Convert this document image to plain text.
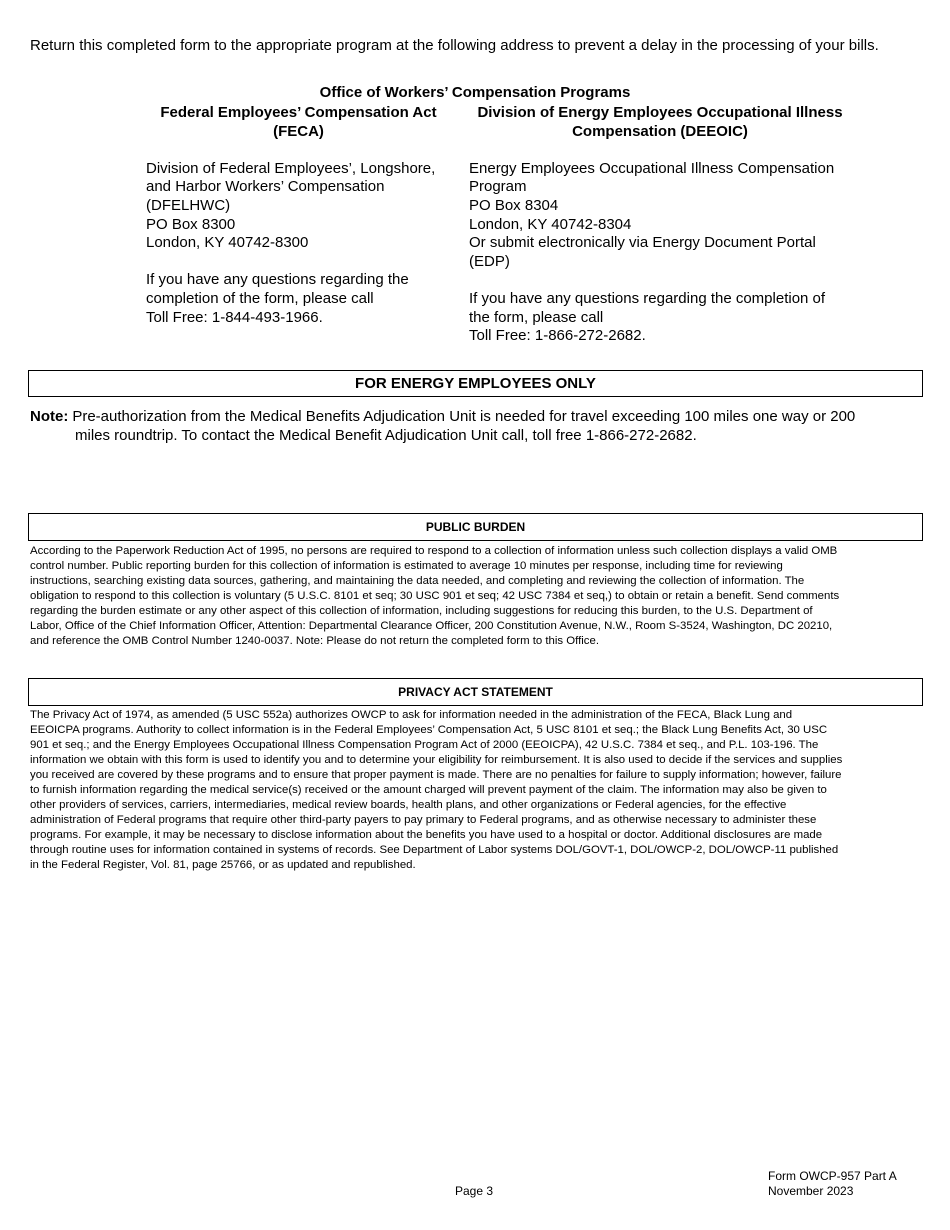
Return this completed form to the appropriate program at the following address to prevent a delay in the processing of your bills.
Office of Workers’ Compensation Programs
Federal Employees’ Compensation Act
(FECA)
Division of Federal Employees’, Longshore,
and Harbor Workers’ Compensation
(DFELHWC)
PO Box 8300
London, KY 40742-8300
If you have any questions regarding the
completion of the form, please call
Toll Free: 1-844-493-1966.
Division of Energy Employees Occupational Illness
Compensation (DEEOIC)
Energy Employees Occupational Illness Compensation
Program
PO Box 8304
London, KY 40742-8304
Or submit electronically via Energy Document Portal
(EDP)
If you have any questions regarding the completion of
the form, please call
Toll Free: 1-866-272-2682.
FOR ENERGY EMPLOYEES ONLY
Note: Pre-authorization from the Medical Benefits Adjudication Unit is needed for travel exceeding 100 miles one way or 200
miles roundtrip. To contact the Medical Benefit Adjudication Unit call, toll free 1-866-272-2682.
PUBLIC BURDEN
According to the Paperwork Reduction Act of 1995, no persons are required to respond to a collection of information unless such collection displays a valid OMB
control number. Public reporting burden for this collection of information is estimated to average 10 minutes per response, including time for reviewing
instructions, searching existing data sources, gathering, and maintaining the data needed, and completing and reviewing the collection of information. The
obligation to respond to this collection is voluntary (5 U.S.C. 8101 et seq; 30 USC 901 et seq; 42 USC 7384 et seq,) to obtain or retain a benefit. Send comments
regarding the burden estimate or any other aspect of this collection of information, including suggestions for reducing this burden, to the U.S. Department of
Labor, Office of the Chief Information Officer, Attention: Departmental Clearance Officer, 200 Constitution Avenue, N.W., Room S-3524, Washington, DC 20210,
and reference the OMB Control Number 1240-0037. Note: Please do not return the completed form to this Office.
PRIVACY ACT STATEMENT
The Privacy Act of 1974, as amended (5 USC 552a) authorizes OWCP to ask for information needed in the administration of the FECA, Black Lung and
EEOICPA programs. Authority to collect information is in the Federal Employees’ Compensation Act, 5 USC 8101 et seq.; the Black Lung Benefits Act, 30 USC
901 et seq.; and the Energy Employees Occupational Illness Compensation Program Act of 2000 (EEOICPA), 42 U.S.C. 7384 et seq., and P.L. 103-196. The
information we obtain with this form is used to identify you and to determine your eligibility for reimbursement. It is also used to decide if the services and supplies
you received are covered by these programs and to ensure that proper payment is made. There are no penalties for failure to supply information; however, failure
to furnish information regarding the medical service(s) received or the amount charged will prevent payment of the claim. The information may also be given to
other providers of services, carriers, intermediaries, medical review boards, health plans, and other organizations or Federal agencies, for the effective
administration of Federal programs that require other third-party payers to pay primary to Federal programs, and as otherwise necessary to administer these
programs. For example, it may be necessary to disclose information about the benefits you have used to a hospital or doctor. Additional disclosures are made
through routine uses for information contained in systems of records. See Department of Labor systems DOL/GOVT-1, DOL/OWCP-2, DOL/OWCP-11 published
in the Federal Register, Vol. 81, page 25766, or as updated and republished.
Page 3
Form OWCP-957 Part A
November 2023
